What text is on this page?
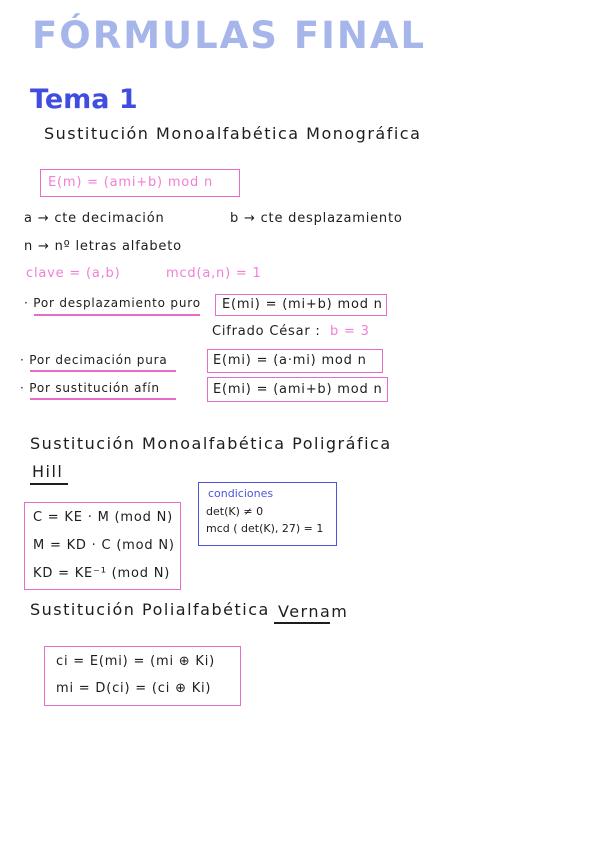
FÓRMULAS FINAL
Tema 1
Sustitución Monoalfabética Monográfica
E(m) = (ami+b) mod n
a → cte decimación	b → cte desplazamiento
n → nº letras alfabeto
clave = (a,b)	mcd(a,n) = 1
· Por desplazamiento puro E(mi) = (mi+b) mod n
Cifrado César : b = 3
· Por decimación pura	E(mi) = (a·mi) mod n
· Por sustitución afín	E(mi) = (ami+b) mod n
Sustitución Monoalfabética Poligráfica
Hill
C = KE · M (mod N)
M = KD · C (mod N)
KD = KE⁻¹ (mod N)
condiciones
det(K) ≠ 0
mcd ( det(K), 27) = 1
Sustitución Polialfabética Vernam
ci = E(mi) = (mi ⊕ Ki)
mi = D(ci) = (ci ⊕ Ki)
